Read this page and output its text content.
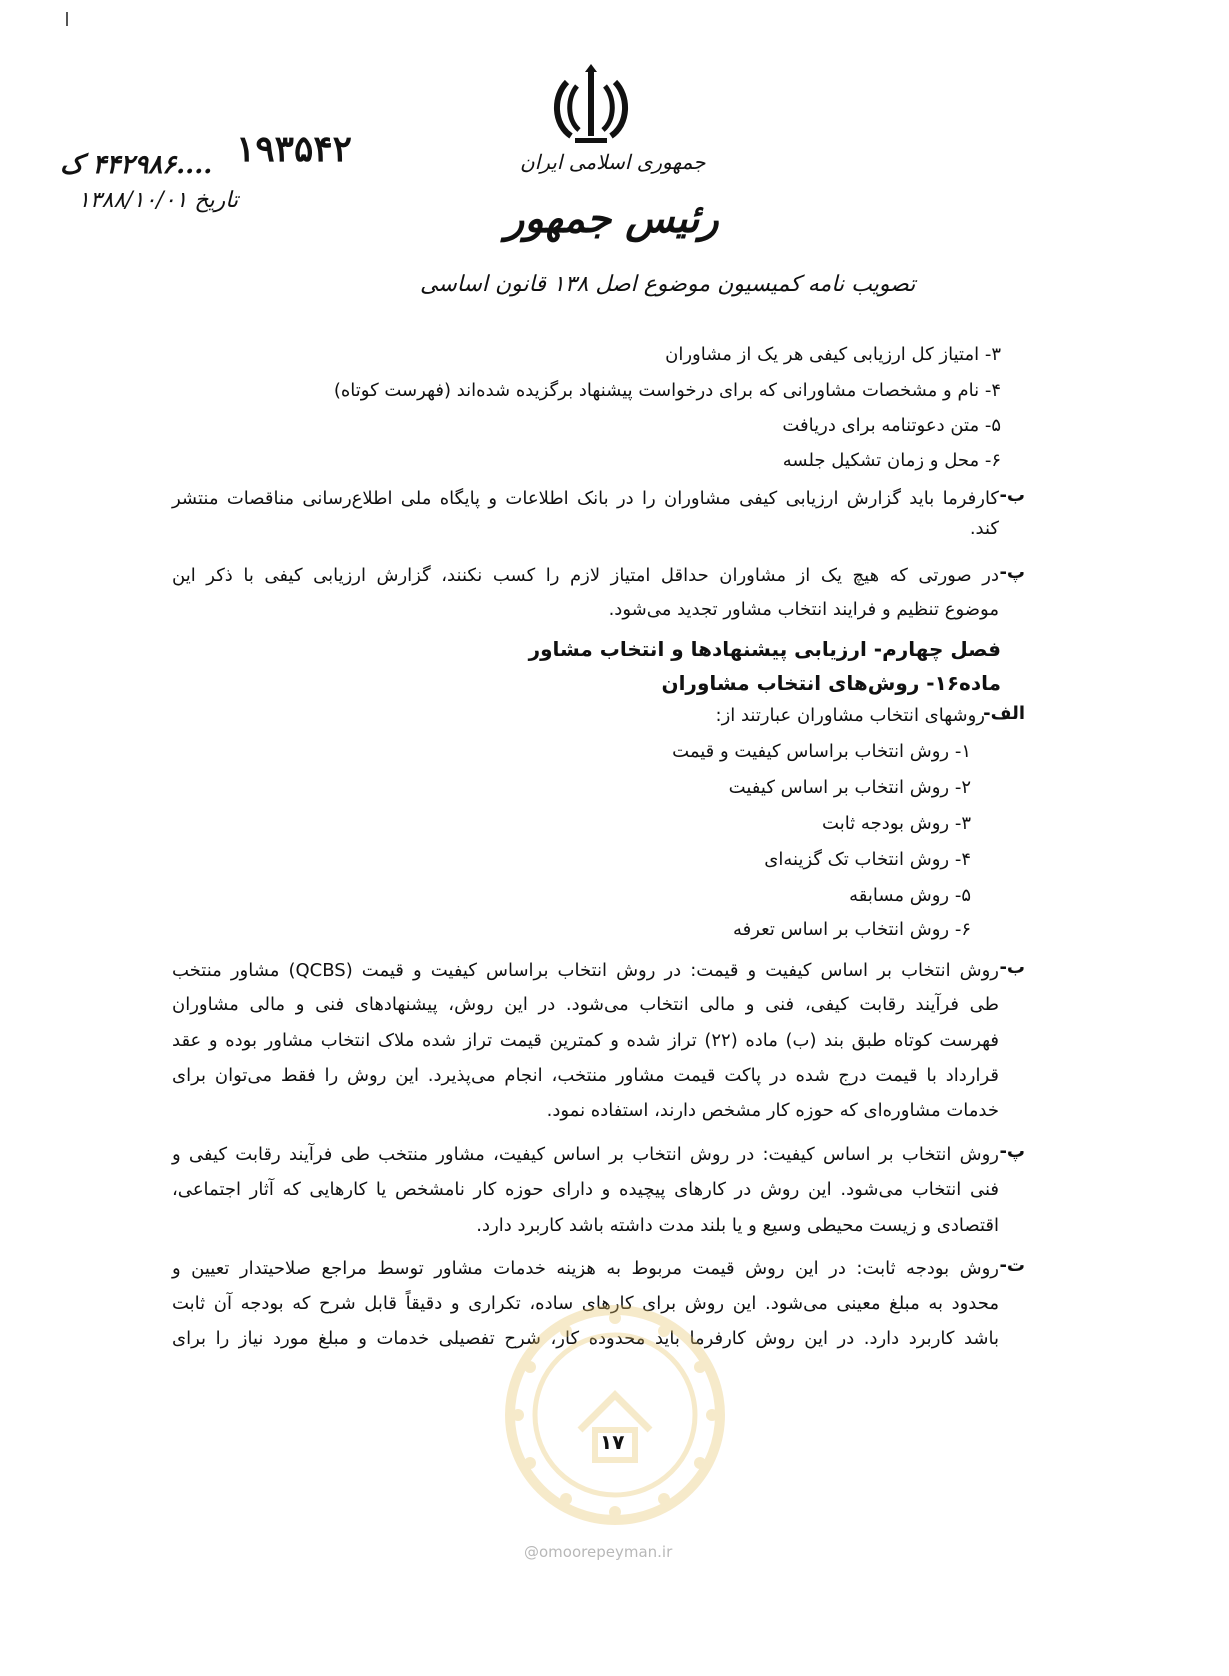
جمهوری اسلامی ایران
رئیس جمهور
تصویب نامه کمیسیون موضوع اصل ۱۳۸ قانون اساسی
۱۹۳۵۴۲
....۴۴۲۹۸۶ ک
تاریخ ۱۳۸۸/۱۰/۰۱
۳- امتیاز کل ارزیابی کیفی هر یک از مشاوران
۴- نام و مشخصات مشاورانی که برای درخواست پیشنهاد برگزیده شده‌اند (فهرست کوتاه)
۵- متن دعوتنامه برای دریافت
۶- محل و زمان تشکیل جلسه
ب-
کارفرما باید گزارش ارزیابی کیفی مشاوران را در بانک اطلاعات و پایگاه ملی اطلاع‌رسانی مناقصات منتشر
کند.
پ-
در صورتی که هیچ یک از مشاوران حداقل امتیاز لازم را کسب نکنند، گزارش ارزیابی کیفی با ذکر این
موضوع تنظیم و فرایند انتخاب مشاور تجدید می‌شود.
فصل چهارم- ارزیابی پیشنهادها و انتخاب مشاور
ماده۱۶- روش‌های انتخاب مشاوران
الف-
روشهای انتخاب مشاوران عبارتند از:
۱- روش انتخاب براساس کیفیت و قیمت
۲- روش انتخاب بر اساس کیفیت
۳- روش بودجه ثابت
۴- روش انتخاب تک گزینه‌ای
۵- روش مسابقه
۶- روش انتخاب بر اساس تعرفه
ب-
روش انتخاب بر اساس کیفیت و قیمت: در روش انتخاب براساس کیفیت و قیمت (QCBS) مشاور منتخب
طی فرآیند رقابت کیفی، فنی و مالی انتخاب می‌شود. در این روش، پیشنهادهای فنی و مالی مشاوران
فهرست کوتاه طبق بند (ب) ماده (۲۲) تراز شده و کمترین قیمت تراز شده ملاک انتخاب مشاور بوده و عقد
قرارداد با قیمت درج شده در پاکت قیمت مشاور منتخب، انجام می‌پذیرد. این روش را فقط می‌توان برای
خدمات مشاوره‌ای که حوزه کار مشخص دارند، استفاده نمود.
پ-
روش انتخاب بر اساس کیفیت: در روش انتخاب بر اساس کیفیت، مشاور منتخب طی فرآیند رقابت کیفی و
فنی انتخاب می‌شود. این روش در کارهای پیچیده و دارای حوزه کار نامشخص یا کارهایی که آثار اجتماعی،
اقتصادی و زیست محیطی وسیع و یا بلند مدت داشته باشد کاربرد دارد.
ت-
روش بودجه ثابت: در این روش قیمت مربوط به هزینه خدمات مشاور توسط مراجع صلاحیتدار تعیین و
محدود به مبلغ معینی می‌شود. این روش برای کارهای ساده، تکراری و دقیقاً قابل شرح که بودجه آن ثابت
باشد کاربرد دارد. در این روش کارفرما باید محدوده کار، شرح تفصیلی خدمات و مبلغ مورد نیاز را برای
۱۷
@omoorepeyman.ir
